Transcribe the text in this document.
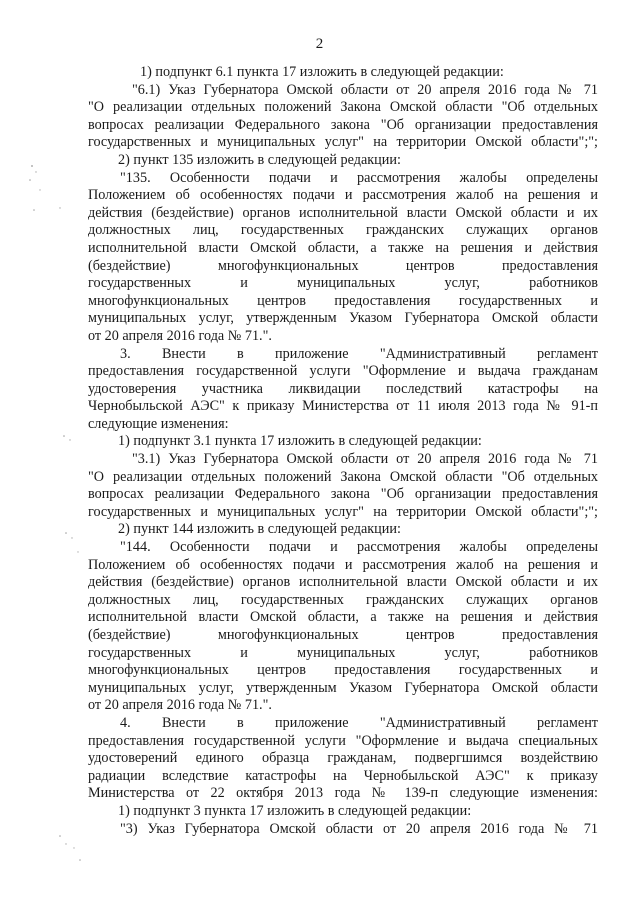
2
1) подпункт 6.1 пункта 17 изложить в следующей редакции:
"6.1) Указ Губернатора Омской области от 20 апреля 2016 года № 71
"О реализации отдельных положений Закона Омской области "Об отдельных
вопросах реализации Федерального закона "Об организации предоставления
государственных и муниципальных услуг" на территории Омской области";";
2) пункт 135 изложить в следующей редакции:
"135. Особенности подачи и рассмотрения жалобы определены
Положением об особенностях подачи и рассмотрения жалоб на решения и
действия (бездействие) органов исполнительной власти Омской области и их
должностных лиц, государственных гражданских служащих органов
исполнительной власти Омской области, а также на решения и действия
(бездействие) многофункциональных центров предоставления
государственных и муниципальных услуг, работников
многофункциональных центров предоставления государственных и
муниципальных услуг, утвержденным Указом Губернатора Омской области
от 20 апреля 2016 года № 71.".
3. Внести в приложение "Административный регламент
предоставления государственной услуги "Оформление и выдача гражданам
удостоверения участника ликвидации последствий катастрофы на
Чернобыльской АЭС" к приказу Министерства от 11 июля 2013 года № 91-п
следующие изменения:
1) подпункт 3.1 пункта 17 изложить в следующей редакции:
"3.1) Указ Губернатора Омской области от 20 апреля 2016 года № 71
"О реализации отдельных положений Закона Омской области "Об отдельных
вопросах реализации Федерального закона "Об организации предоставления
государственных и муниципальных услуг" на территории Омской области";";
2) пункт 144 изложить в следующей редакции:
"144. Особенности подачи и рассмотрения жалобы определены
Положением об особенностях подачи и рассмотрения жалоб на решения и
действия (бездействие) органов исполнительной власти Омской области и их
должностных лиц, государственных гражданских служащих органов
исполнительной власти Омской области, а также на решения и действия
(бездействие) многофункциональных центров предоставления
государственных и муниципальных услуг, работников
многофункциональных центров предоставления государственных и
муниципальных услуг, утвержденным Указом Губернатора Омской области
от 20 апреля 2016 года № 71.".
4. Внести в приложение "Административный регламент
предоставления государственной услуги "Оформление и выдача специальных
удостоверений единого образца гражданам, подвергшимся воздействию
радиации вследствие катастрофы на Чернобыльской АЭС" к приказу
Министерства от 22 октября 2013 года № 139-п следующие изменения:
1) подпункт 3 пункта 17 изложить в следующей редакции:
"3) Указ Губернатора Омской области от 20 апреля 2016 года № 71
